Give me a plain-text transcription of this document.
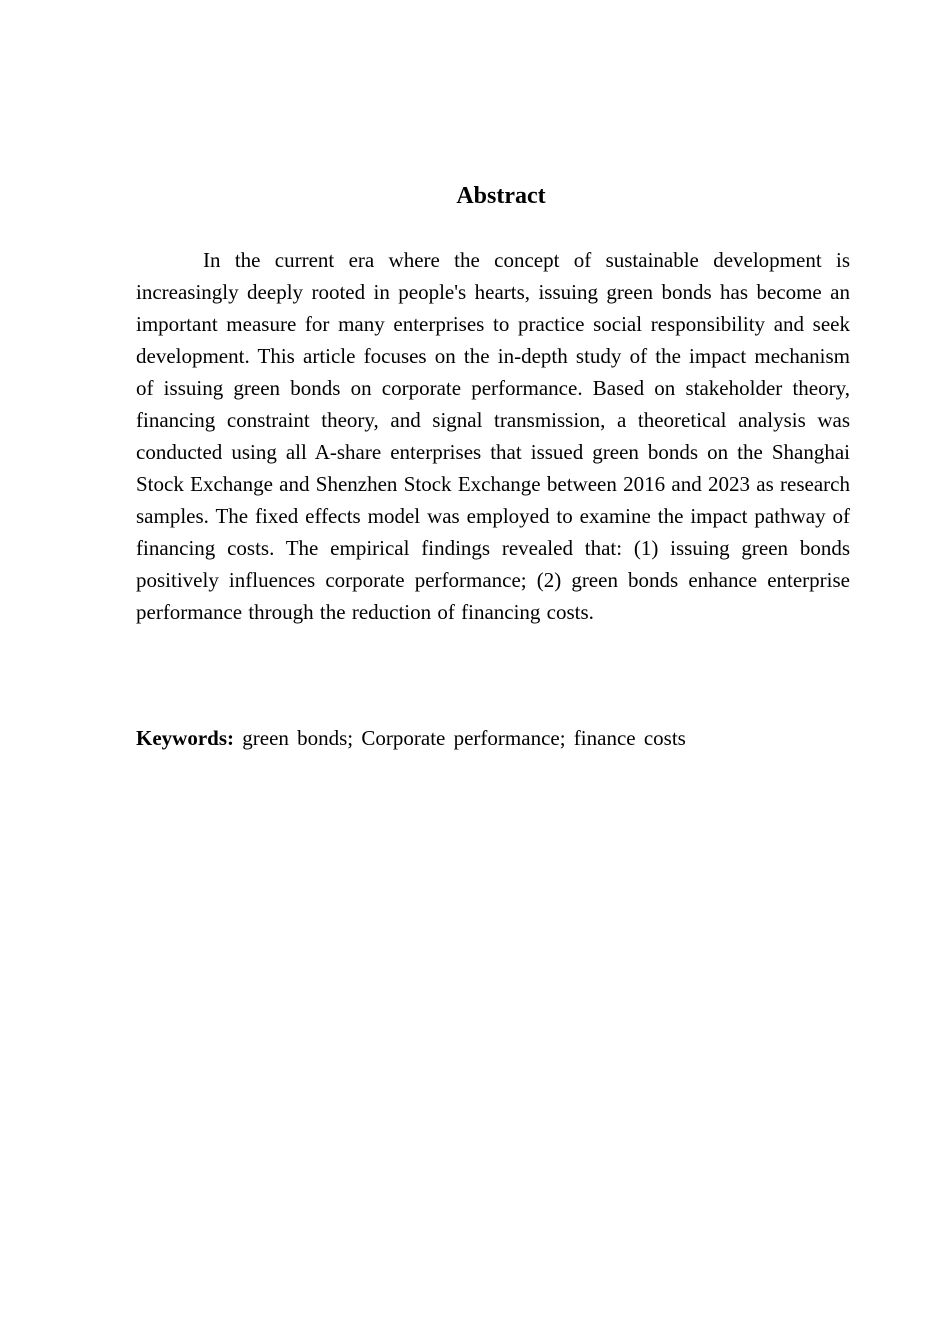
Abstract

In the current era where the concept of sustainable development is increasingly deeply rooted in people's hearts, issuing green bonds has become an important measure for many enterprises to practice social responsibility and seek development. This article focuses on the in-depth study of the impact mechanism of issuing green bonds on corporate performance. Based on stakeholder theory, financing constraint theory, and signal transmission, a theoretical analysis was conducted using all A-share enterprises that issued green bonds on the Shanghai Stock Exchange and Shenzhen Stock Exchange between 2016 and 2023 as research samples. The fixed effects model was employed to examine the impact pathway of financing costs. The empirical findings revealed that: (1) issuing green bonds positively influences corporate performance; (2) green bonds enhance enterprise performance through the reduction of financing costs.

Keywords: green bonds; Corporate performance; finance costs
